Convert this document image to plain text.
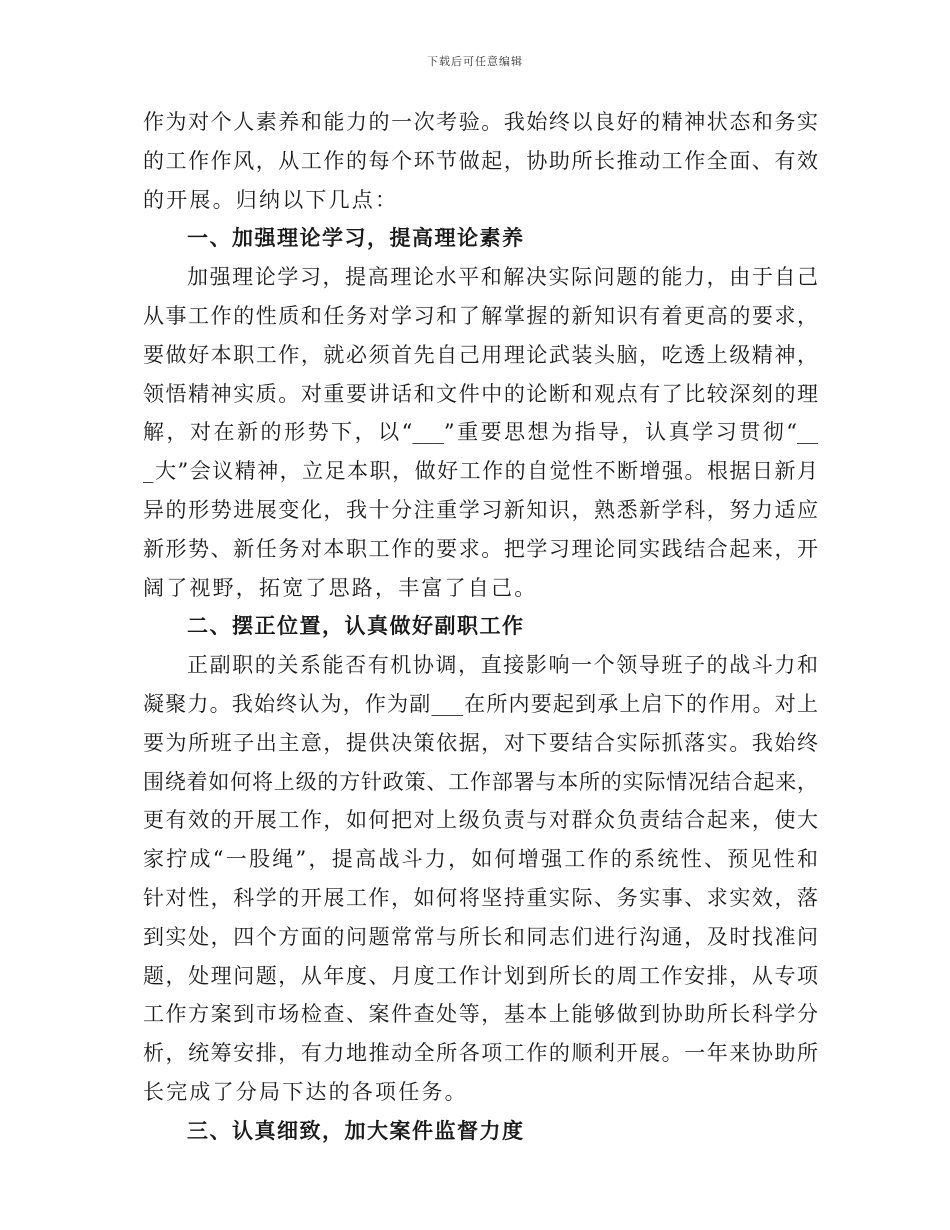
下载后可任意编辑
作为对个人素养和能力的一次考验。我始终以良好的精神状态和务实
的工作作风，从工作的每个环节做起，协助所长推动工作全面、有效
的开展。归纳以下几点：
一、加强理论学习，提高理论素养
加强理论学习，提高理论水平和解决实际问题的能力，由于自己
从事工作的性质和任务对学习和了解掌握的新知识有着更高的要求，
要做好本职工作，就必须首先自己用理论武装头脑，吃透上级精神，
领悟精神实质。对重要讲话和文件中的论断和观点有了比较深刻的理
解，对在新的形势下，以“___”重要思想为指导，认真学习贯彻“__
_大”会议精神，立足本职，做好工作的自觉性不断增强。根据日新月
异的形势进展变化，我十分注重学习新知识，熟悉新学科，努力适应
新形势、新任务对本职工作的要求。把学习理论同实践结合起来，开
阔了视野，拓宽了思路，丰富了自己。
二、摆正位置，认真做好副职工作
正副职的关系能否有机协调，直接影响一个领导班子的战斗力和
凝聚力。我始终认为，作为副___在所内要起到承上启下的作用。对上
要为所班子出主意，提供决策依据，对下要结合实际抓落实。我始终
围绕着如何将上级的方针政策、工作部署与本所的实际情况结合起来，
更有效的开展工作，如何把对上级负责与对群众负责结合起来，使大
家拧成“一股绳”，提高战斗力，如何增强工作的系统性、预见性和
针对性，科学的开展工作，如何将坚持重实际、务实事、求实效，落
到实处，四个方面的问题常常与所长和同志们进行沟通，及时找准问
题，处理问题，从年度、月度工作计划到所长的周工作安排，从专项
工作方案到市场检查、案件查处等，基本上能够做到协助所长科学分
析，统筹安排，有力地推动全所各项工作的顺利开展。一年来协助所
长完成了分局下达的各项任务。
三、认真细致，加大案件监督力度
